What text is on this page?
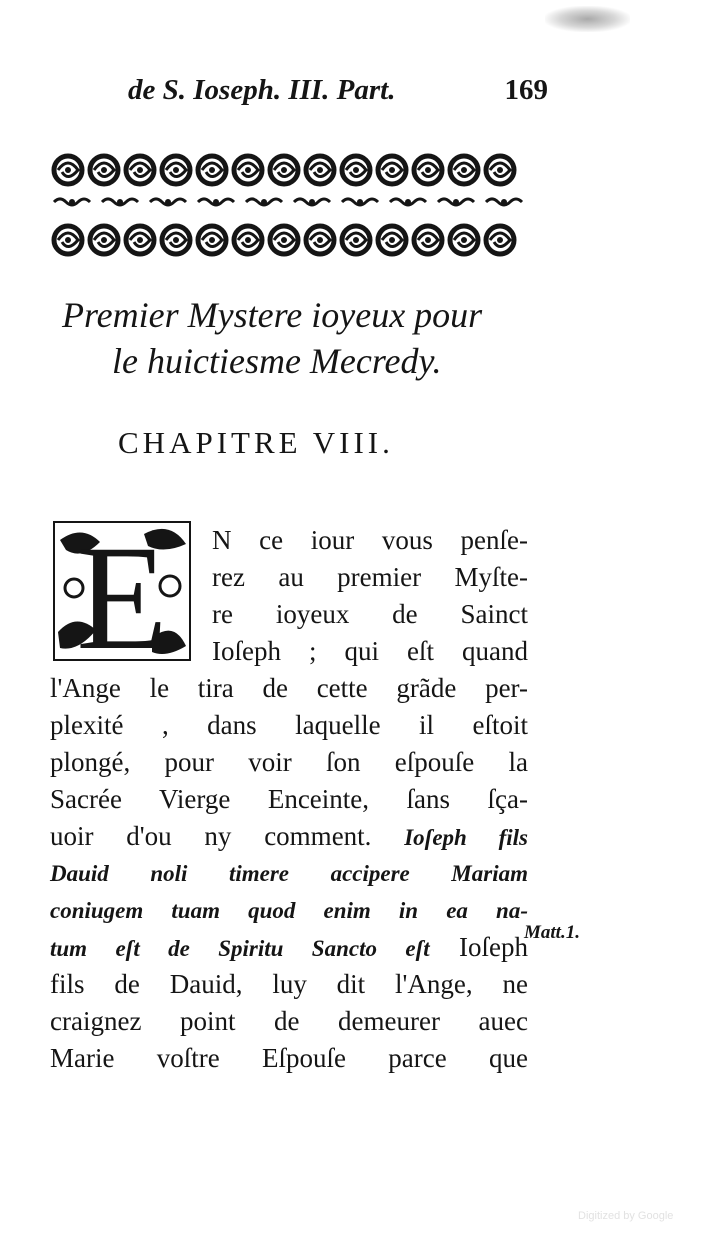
de S. Ioseph. III. Part.	169
Premier Mystere ioyeux pour
le huictiesme Mecredy.
CHAPITRE VIII.
E N ce iour vous penſe-
rez au premier Myſte-
re ioyeux de Sainct
Ioſeph ; qui eſt quand
l'Ange le tira de cette grãde per-
plexité , dans laquelle il eſtoit
plongé, pour voir ſon eſpouſe la
Sacrée Vierge Enceinte, ſans ſça-
uoir d'ou ny comment. Ioſeph fils
Dauid noli timere accipere Mariam
coniugem tuam quod enim in ea na-
tum eſt de Spiritu Sancto eſt Ioſeph
fils de Dauid, luy dit l'Ange, ne
craignez point de demeurer auec
Marie voſtre Eſpouſe parce que
Matt.1.
Digitized by Google
